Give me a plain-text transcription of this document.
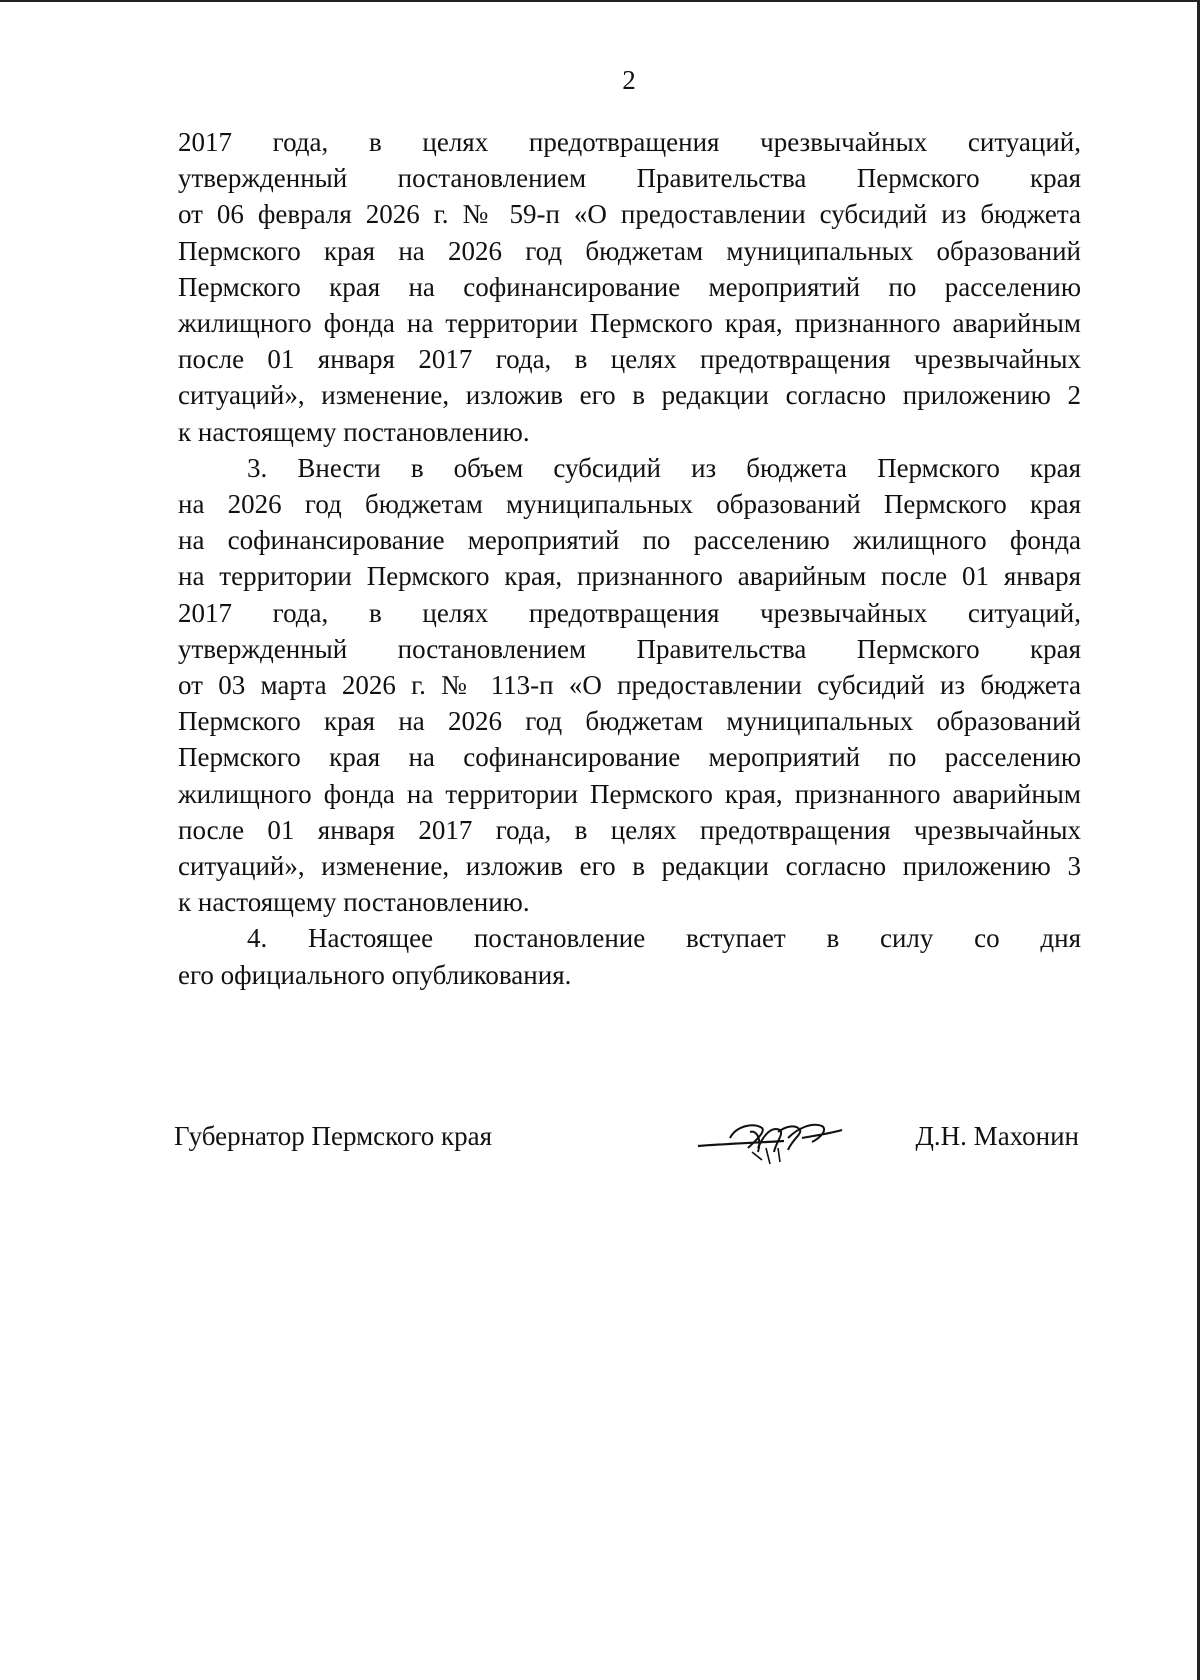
2
2017 года, в целях предотвращения чрезвычайных ситуаций,
утвержденный постановлением Правительства Пермского края
от 06 февраля 2026 г. № 59-п «О предоставлении субсидий из бюджета
Пермского края на 2026 год бюджетам муниципальных образований
Пермского края на софинансирование мероприятий по расселению
жилищного фонда на территории Пермского края, признанного аварийным
после 01 января 2017 года, в целях предотвращения чрезвычайных
ситуаций», изменение, изложив его в редакции согласно приложению 2
к настоящему постановлению.
3. Внести в объем субсидий из бюджета Пермского края
на 2026 год бюджетам муниципальных образований Пермского края
на софинансирование мероприятий по расселению жилищного фонда
на территории Пермского края, признанного аварийным после 01 января
2017 года, в целях предотвращения чрезвычайных ситуаций,
утвержденный постановлением Правительства Пермского края
от 03 марта 2026 г. № 113-п «О предоставлении субсидий из бюджета
Пермского края на 2026 год бюджетам муниципальных образований
Пермского края на софинансирование мероприятий по расселению
жилищного фонда на территории Пермского края, признанного аварийным
после 01 января 2017 года, в целях предотвращения чрезвычайных
ситуаций», изменение, изложив его в редакции согласно приложению 3
к настоящему постановлению.
4. Настоящее постановление вступает в силу со дня
его официального опубликования.
Губернатор Пермского края	Д.Н. Махонин
